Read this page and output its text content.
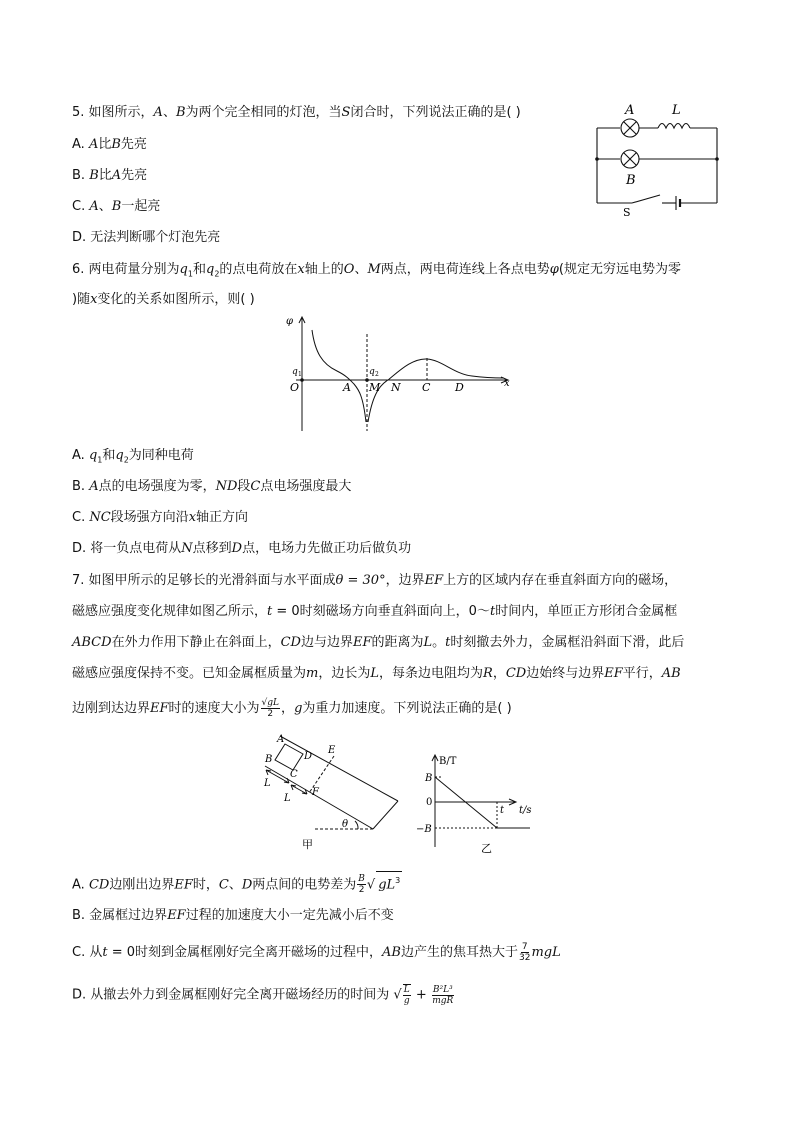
5. 如图所示，A、B为两个完全相同的灯泡，当S闭合时，下列说法正确的是( )
A. A比B先亮
B. B比A先亮
C. A、B一起亮
D. 无法判断哪个灯泡先亮
A	L
B
S
6. 两电荷量分别为$q_1$和$q_2$的点电荷放在x轴上的O、M两点，两电荷连线上各点电势φ(规定无穷远电势为零
)随x变化的关系如图所示，则( )
φ
x
O
q 1
A
q 2
M N C D
A. $q_1$和$q_2$为同种电荷
B. A点的电场强度为零，ND段C点电场强度最大
C. NC段场强方向沿x轴正方向
D. 将一负点电荷从N点移到D点，电场力先做正功后做负功
7. 如图甲所示的足够长的光滑斜面与水平面成θ = 30°，边界EF上方的区域内存在垂直斜面方向的磁场，
磁感应强度变化规律如图乙所示，t = 0时刻磁场方向垂直斜面向上，0～t时间内，单匝正方形闭合金属框
ABCD在外力作用下静止在斜面上，CD边与边界EF的距离为L。t时刻撤去外力，金属框沿斜面下滑，此后
磁感应强度保持不变。已知金属框质量为m，边长为L，每条边电阻均为R，CD边始终与边界EF平行，AB
边刚到达边界EF时的速度大小为 $\frac{√gL}{2}$ ，g为重力加速度。下列说法正确的是( )
A
B
C
D
E
F
L
L
θ
甲
B/T
t/s
B
0
−B
t
乙
A. CD边刚出边界EF时，C、D两点间的电势差为 $\frac{B}{2}$ √ $gL^3$
B. 金属框过边界EF过程的加速度大小一定先减小后不变
C. 从t = 0时刻到金属框刚好完全离开磁场的过程中，AB边产生的焦耳热大于 $\frac{7}{32}$ mgL
D. 从撤去外力到金属框刚好完全离开磁场经历的时间为 √ $\frac{L}{g} + B^2L^3$
mgR
